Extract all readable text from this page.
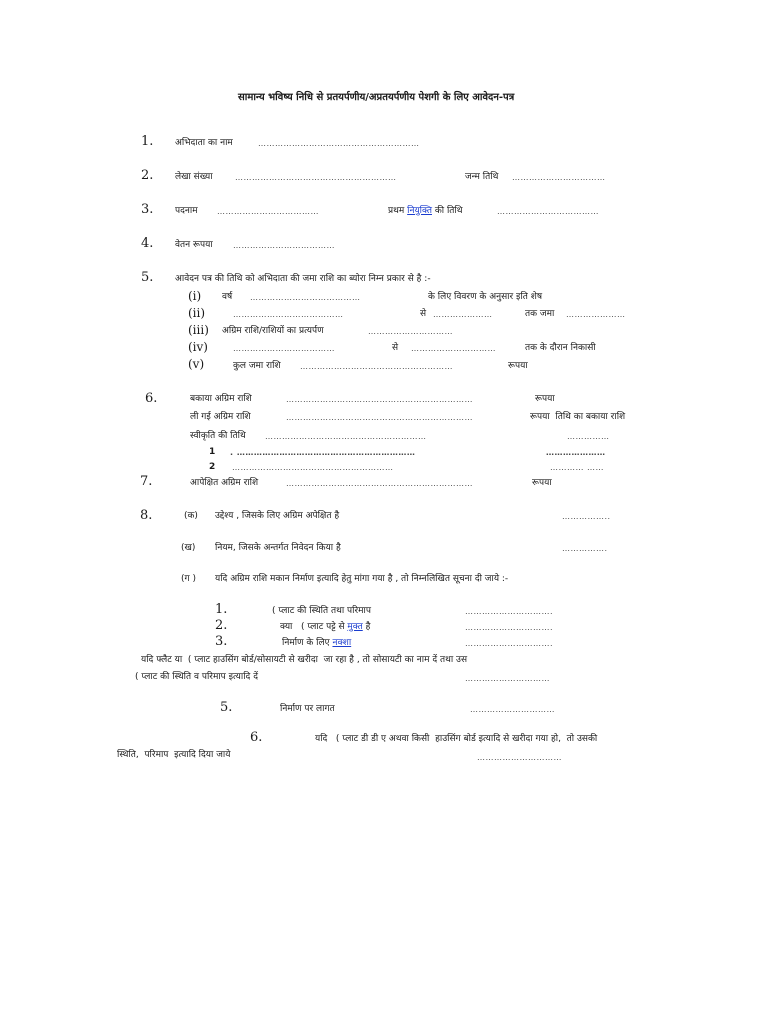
सामान्य भविष्य निधि से प्रतयर्पणीय/अप्रतयर्पणीय पेशगी के लिए आवेदन-पत्र
1. अभिदाता का नाम	…………………………………………………
2. लेखा संख्या	…………………………………………………	जन्म तिथि ……………………………
3. पदनाम ………………………………	प्रथम नियुक्ति की तिथि	………………………………
4. वेतन रूपया	………………………………
5. आवेदन पत्र की तिथि को अभिदाता की जमा राशि का ब्योरा निम्न प्रकार से है :-
(i) वर्ष …………………………………	के लिए विवरण के अनुसार इति शेष
(ii)	…………………………………	से …………………	तक जमा …………………
(iii) अग्रिम राशि/राशियों का प्रत्यर्पण	…………………………
(iv)	………………………………	से …………………………	तक के दौरान निकासी
(v)	कुल जमा राशि ………………………………………………	रूपया
6.	बकाया अग्रिम राशि	…………………………………………………………	रूपया
ली गई अग्रिम राशि	…………………………………………………………	रूपया  तिथि का बकाया राशि
स्वीकृति की तिथि …………………………………………………	……………
1 . ………………………………………………………	…………………
2 …………………………………………………	………… ……
7.	आपेक्षित अग्रिम राशि	…………………………………………………………	रूपया
8.	(क) उद्देश्य , जिसके लिए अग्रिम अपेक्षित है	……………..
(ख) नियम, जिसके अन्तर्गत निवेदन किया है	…………….
(ग ) यदि अग्रिम राशि मकान निर्माण इत्यादि हेतु मांगा गया है , तो निम्नलिखित सूचना दी जाये :-
1.	( प्लाट की स्थिति तथा परिमाप	………………………….
2.	क्या   ( प्लाट पट्टे से मुक्त है	………………………….
3.	निर्माण के लिए नक्शा	………………………….
यदि फ्लैट या  ( प्लाट हाउसिंग बोर्ड/सोसायटी से खरीदा  जा रहा है , तो सोसायटी का नाम दें तथा उस
( प्लाट की स्थिति व परिमाप इत्यादि दें	…………………………
5.	निर्माण पर लागत	…………………………
6.	यदि   ( प्लाट डी डी ए अथवा किसी  हाउसिंग बोर्ड इत्यादि से खरीदा गया हो,  तो उसकी
स्थिति,  परिमाप  इत्यादि दिया जाये	…………………………
